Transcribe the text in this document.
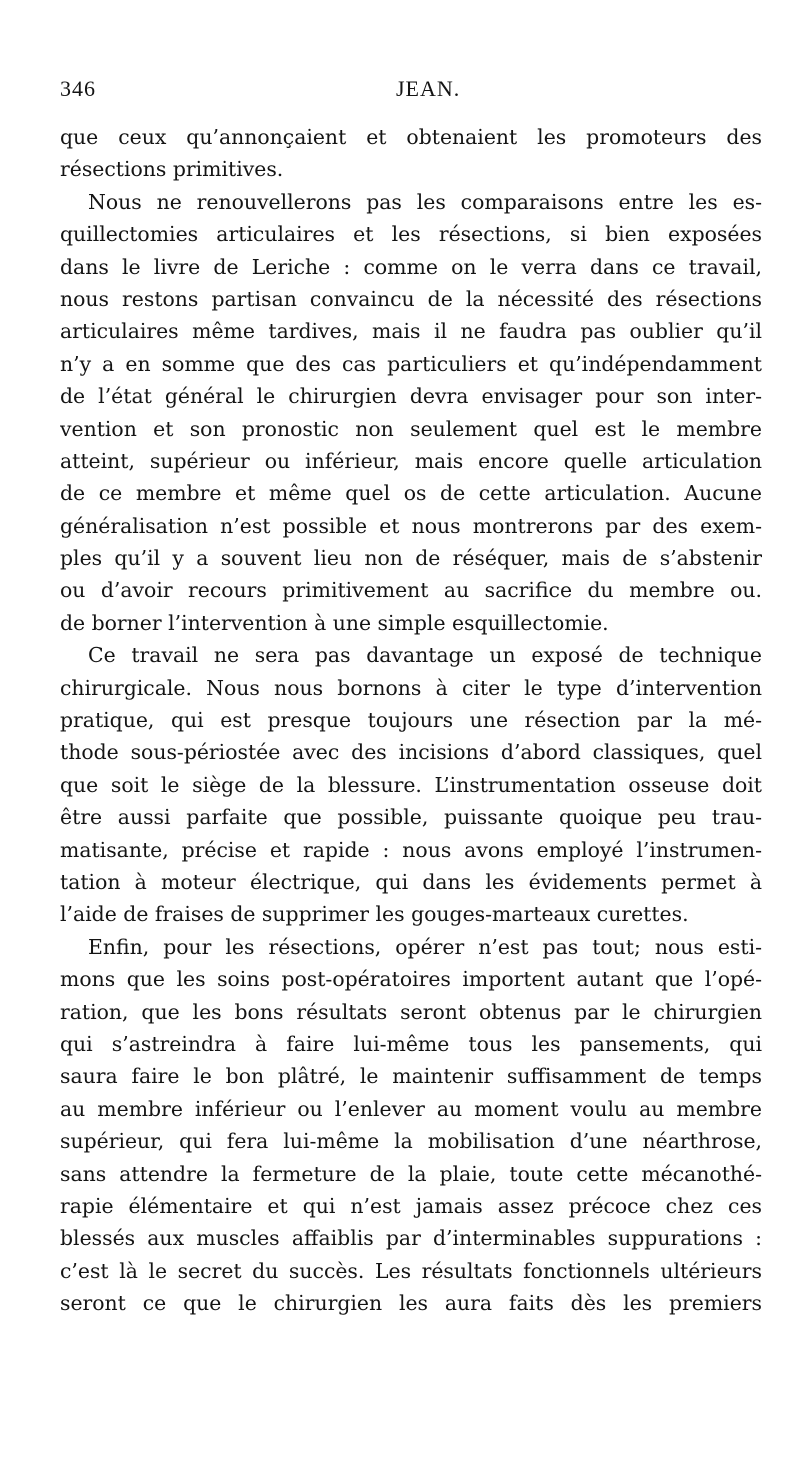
346	JEAN.
que ceux qu’annonçaient et obtenaient les promoteurs des
résections primitives.
Nous ne renouvellerons pas les comparaisons entre les es-
quillectomies articulaires et les résections, si bien exposées
dans le livre de Leriche : comme on le verra dans ce travail,
nous restons partisan convaincu de la nécessité des résections
articulaires même tardives, mais il ne faudra pas oublier qu’il
n’y a en somme que des cas particuliers et qu’indépendamment
de l’état général le chirurgien devra envisager pour son inter-
vention et son pronostic non seulement quel est le membre
atteint, supérieur ou inférieur, mais encore quelle articulation
de ce membre et même quel os de cette articulation. Aucune
généralisation n’est possible et nous montrerons par des exem-
ples qu’il y a souvent lieu non de réséquer, mais de s’abstenir
ou d’avoir recours primitivement au sacrifice du membre ou.
de borner l’intervention à une simple esquillectomie.
Ce travail ne sera pas davantage un exposé de technique
chirurgicale. Nous nous bornons à citer le type d’intervention
pratique, qui est presque toujours une résection par la mé-
thode sous-périostée avec des incisions d’abord classiques, quel
que soit le siège de la blessure. L’instrumentation osseuse doit
être aussi parfaite que possible, puissante quoique peu trau-
matisante, précise et rapide : nous avons employé l’instrumen-
tation à moteur électrique, qui dans les évidements permet à
l’aide de fraises de supprimer les gouges-marteaux curettes.
Enfin, pour les résections, opérer n’est pas tout; nous esti-
mons que les soins post-opératoires importent autant que l’opé-
ration, que les bons résultats seront obtenus par le chirurgien
qui s’astreindra à faire lui-même tous les pansements, qui
saura faire le bon plâtré, le maintenir suffisamment de temps
au membre inférieur ou l’enlever au moment voulu au membre
supérieur, qui fera lui-même la mobilisation d’une néarthrose,
sans attendre la fermeture de la plaie, toute cette mécanothé-
rapie élémentaire et qui n’est jamais assez précoce chez ces
blessés aux muscles affaiblis par d’interminables suppurations :
c’est là le secret du succès. Les résultats fonctionnels ultérieurs
seront ce que le chirurgien les aura faits dès les premiers
